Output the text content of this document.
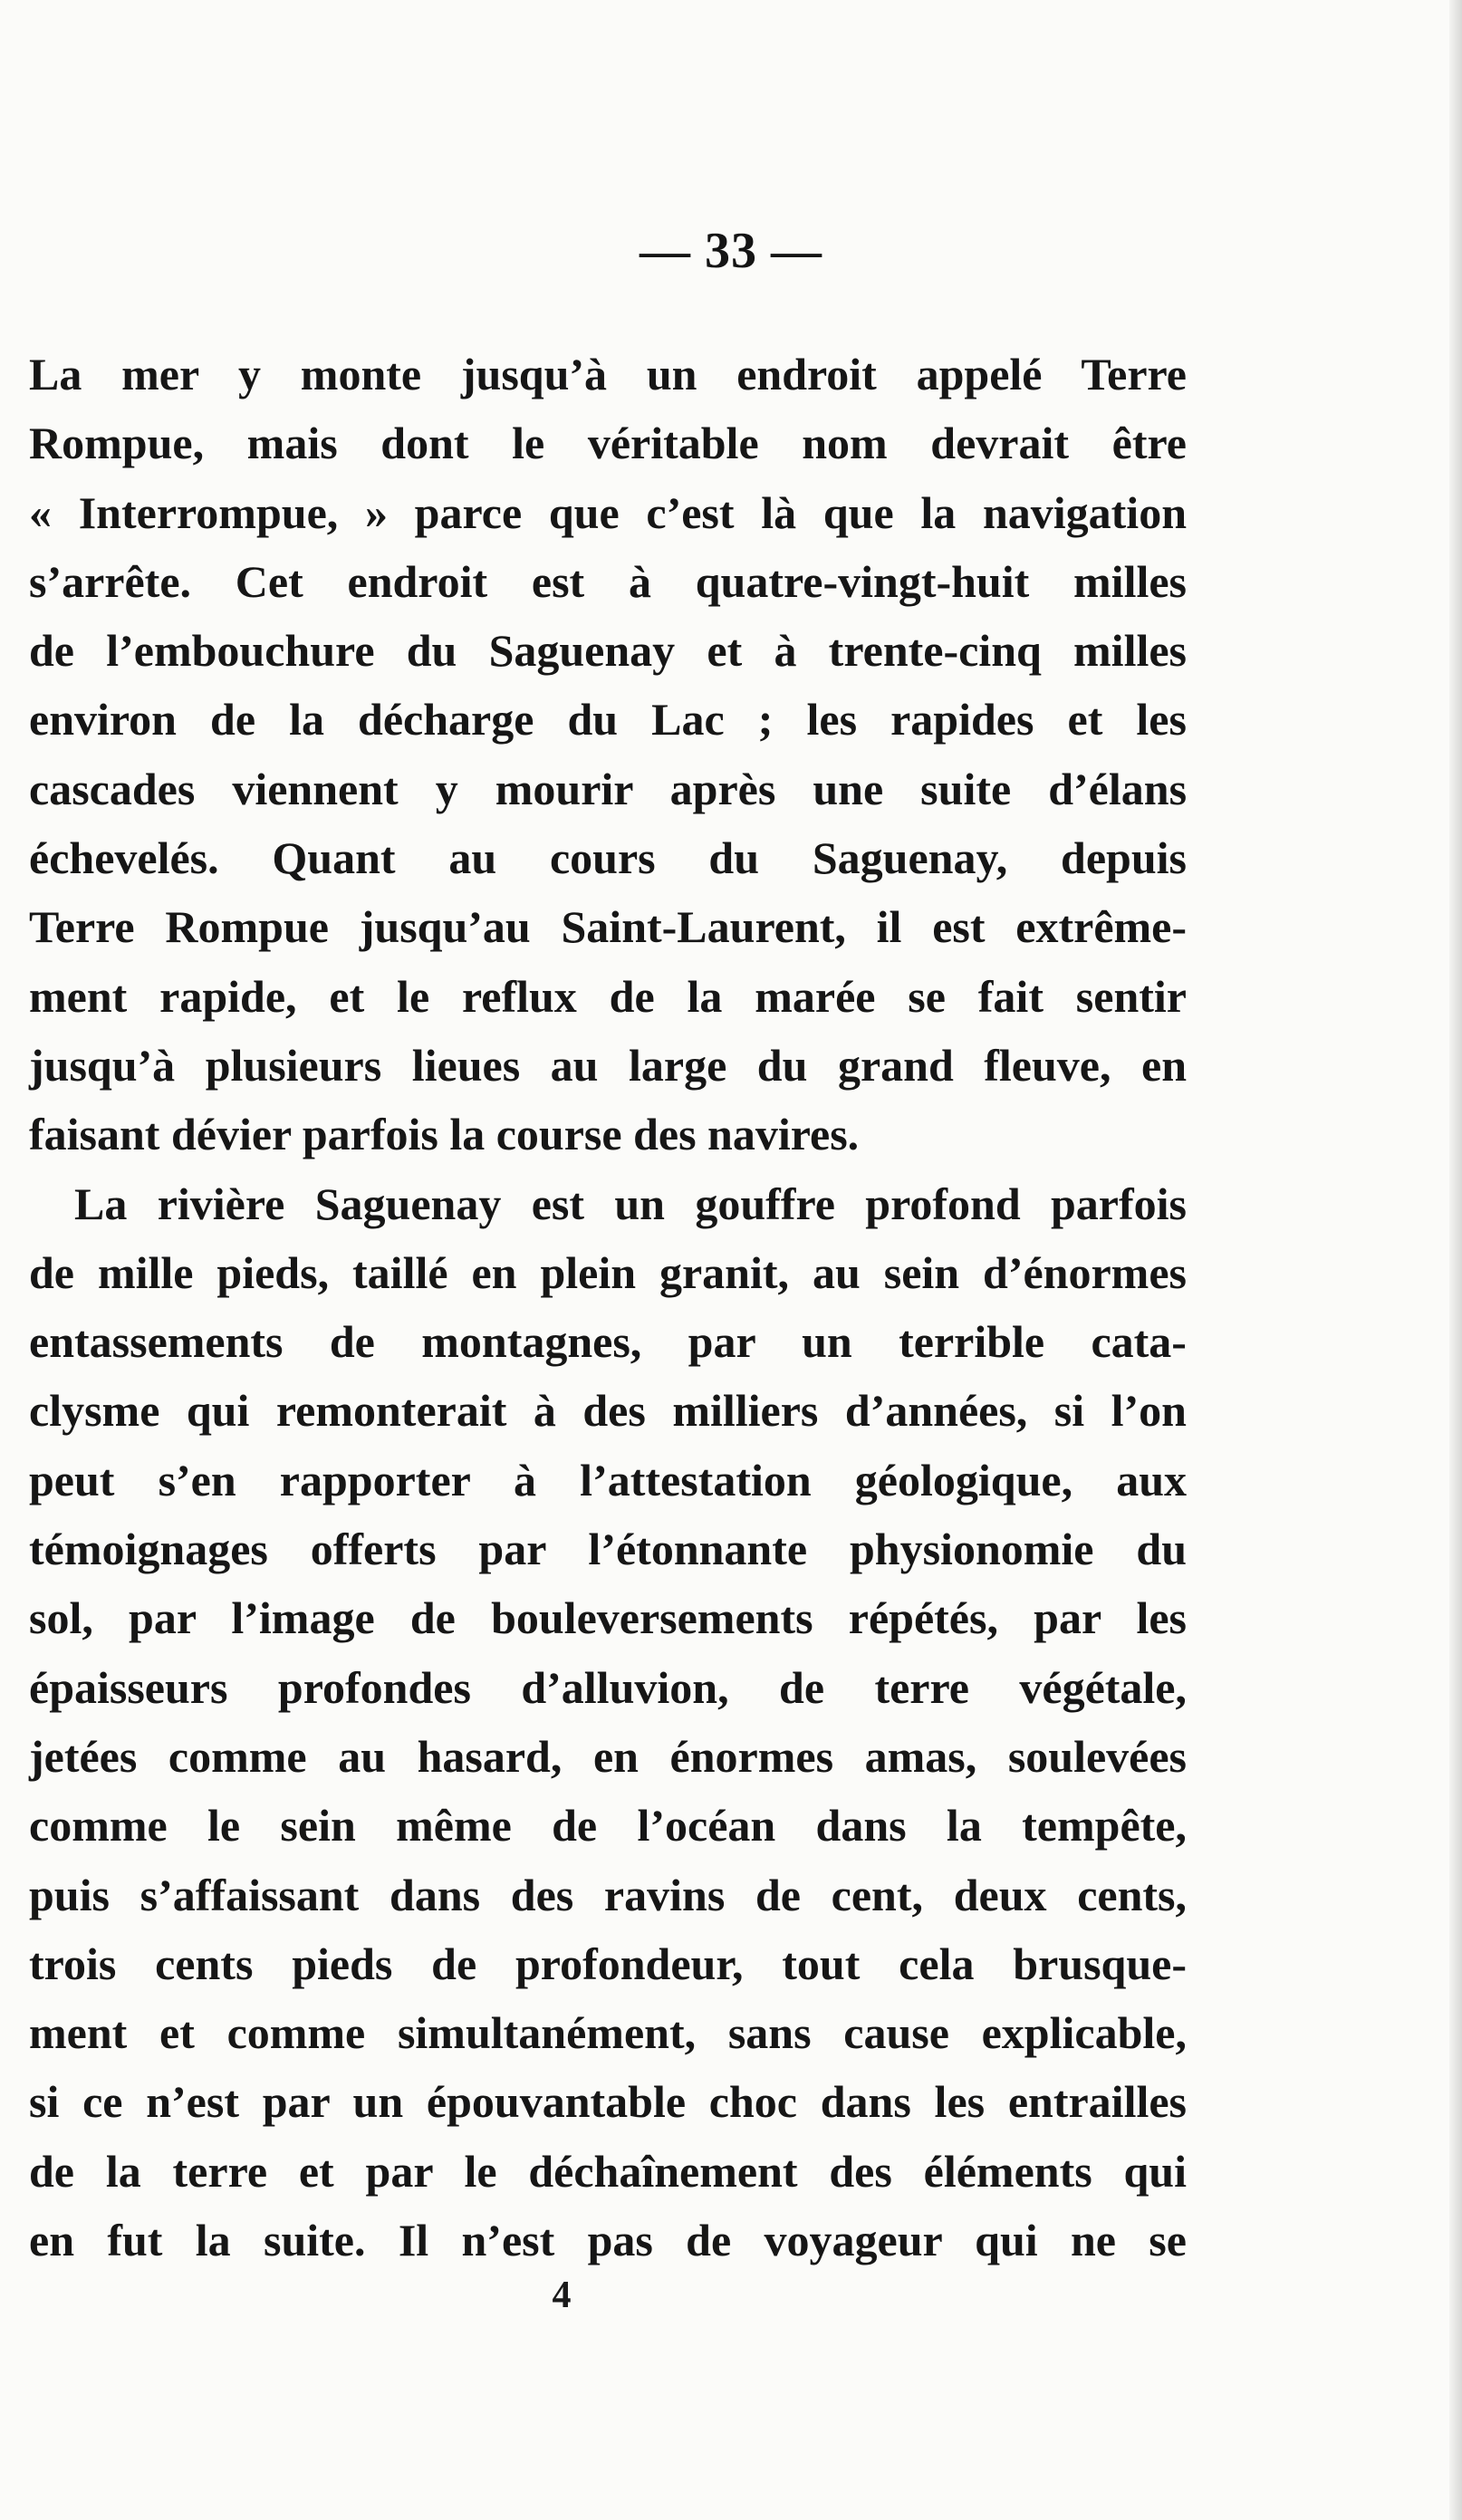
— 33 —

La mer y monte jusqu’à un endroit appelé Terre
Rompue, mais dont le véritable nom devrait être
« Interrompue, » parce que c’est là que la navigation
s’arrête. Cet endroit est à quatre-vingt-huit milles
de l’embouchure du Saguenay et à trente-cinq milles
environ de la décharge du Lac ; les rapides et les
cascades viennent y mourir après une suite d’élans
échevelés. Quant au cours du Saguenay, depuis
Terre Rompue jusqu’au Saint-Laurent, il est extrême-
ment rapide, et le reflux de la marée se fait sentir
jusqu’à plusieurs lieues au large du grand fleuve, en
faisant dévier parfois la course des navires.

La rivière Saguenay est un gouffre profond parfois
de mille pieds, taillé en plein granit, au sein d’énormes
entassements de montagnes, par un terrible cata-
clysme qui remonterait à des milliers d’années, si l’on
peut s’en rapporter à l’attestation géologique, aux
témoignages offerts par l’étonnante physionomie du
sol, par l’image de bouleversements répétés, par les
épaisseurs profondes d’alluvion, de terre végétale,
jetées comme au hasard, en énormes amas, soulevées
comme le sein même de l’océan dans la tempête,
puis s’affaissant dans des ravins de cent, deux cents,
trois cents pieds de profondeur, tout cela brusque-
ment et comme simultanément, sans cause explicable,
si ce n’est par un épouvantable choc dans les entrailles
de la terre et par le déchaînement des éléments qui
en fut la suite. Il n’est pas de voyageur qui ne se

4
